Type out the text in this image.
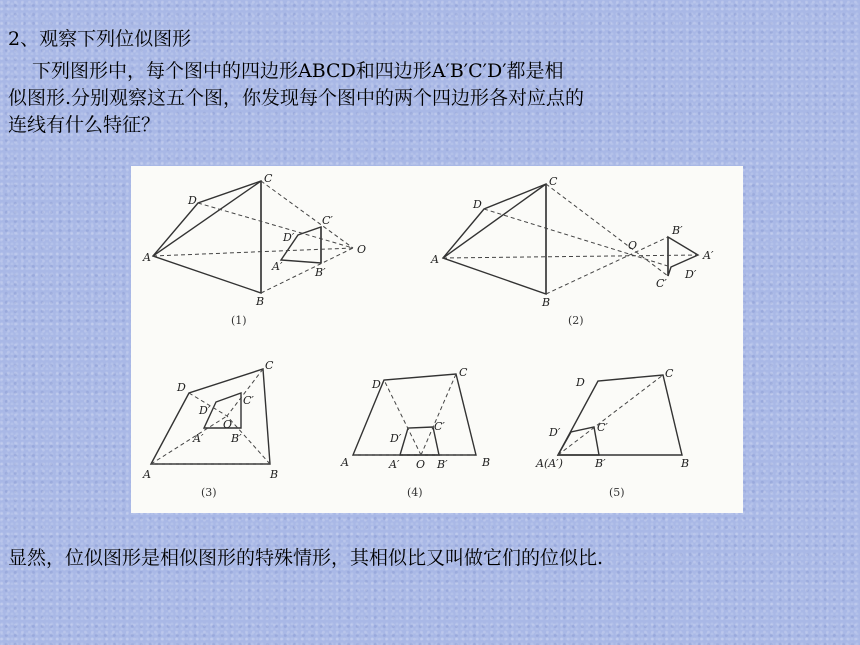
2、观察下列位似图形
下列图形中，每个图中的四边形ABCD和四边形A′B′C′D′都是相
似图形.分别观察这五个图，你发现每个图中的两个四边形各对应点的
连线有什么特征？
A
B
C
D
A′	B′
C′
D′
O
(1)
A
B
C
D
A′
B′
C′
D′
O
(2)
A	B
C
D
A′	B′
C′
D′
O
(3)
A	B
C
D
A′	B′
C′
D′
O
(4)
A(A′)	B
C
D
B′
C′
D′
(5)
显然，位似图形是相似图形的特殊情形，其相似比又叫做它们的位似比.
